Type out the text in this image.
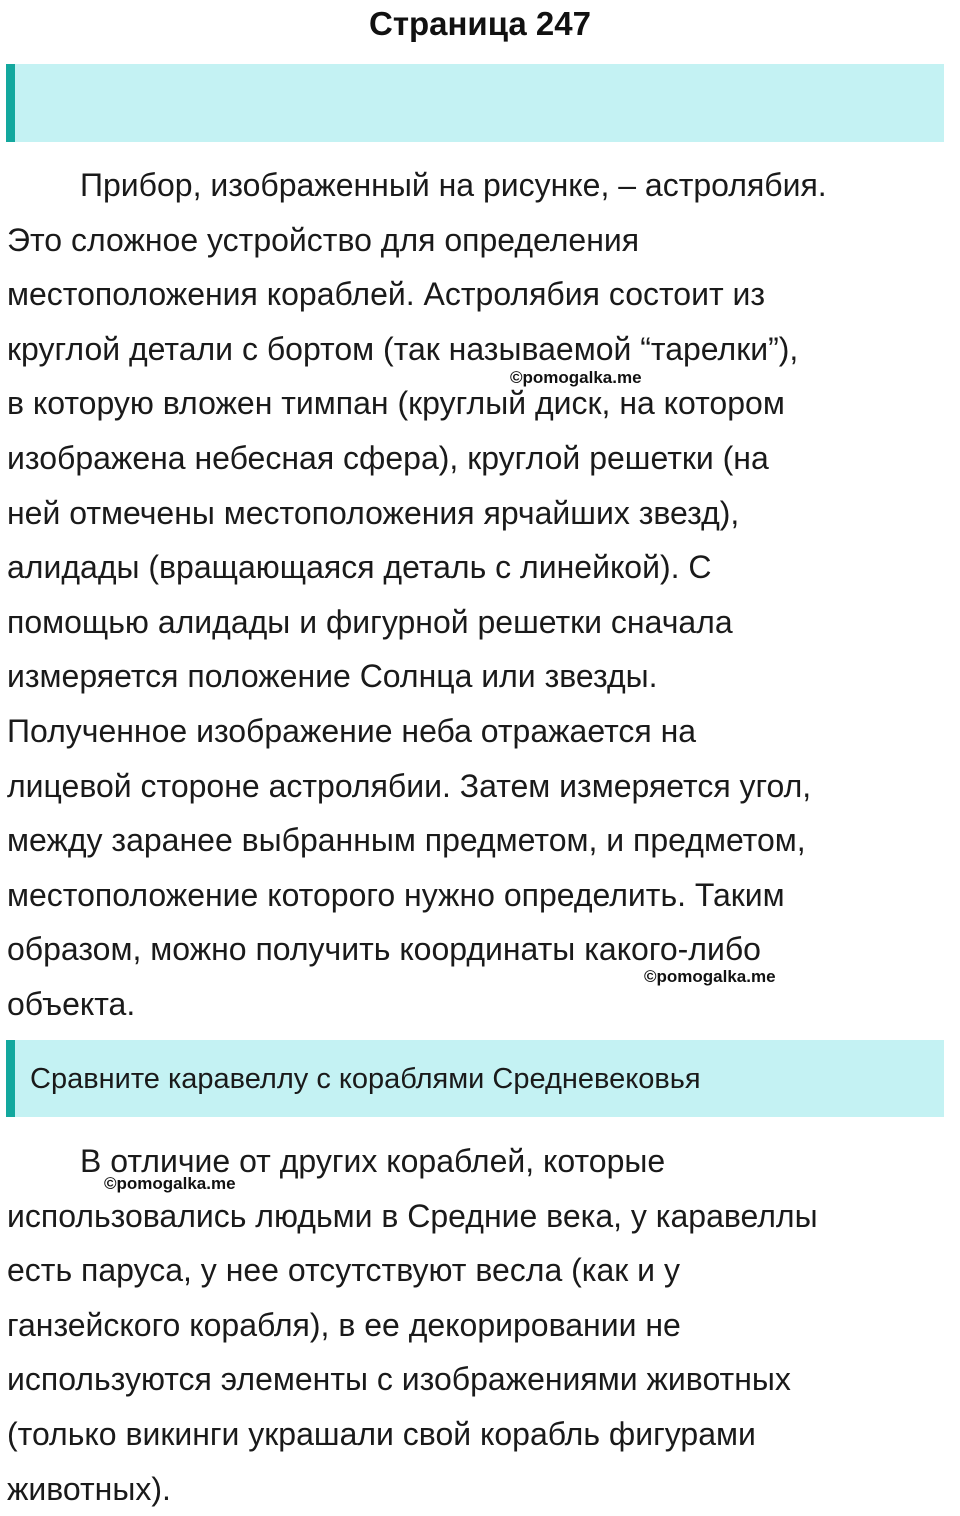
Страница 247
Прибор, изображенный на рисунке, – астролябия.
Это сложное устройство для определения
местоположения кораблей. Астролябия состоит из
круглой детали с бортом (так называемой “тарелки”),
в которую вложен тимпан (круглый диск, на котором
изображена небесная сфера), круглой решетки (на
ней отмечены местоположения ярчайших звезд),
алидады (вращающаяся деталь с линейкой). С
помощью алидады и фигурной решетки сначала
измеряется положение Солнца или звезды.
Полученное изображение неба отражается на
лицевой стороне астролябии. Затем измеряется угол,
между заранее выбранным предметом, и предметом,
местоположение которого нужно определить. Таким
образом, можно получить координаты какого-либо
объекта.
Сравните каравеллу с кораблями Средневековья
В отличие от других кораблей, которые
использовались людьми в Средние века, у каравеллы
есть паруса, у нее отсутствуют весла (как и у
ганзейского корабля), в ее декорировании не
используются элементы с изображениями животных
(только викинги украшали свой корабль фигурами
животных).
©pomogalka.me
©pomogalka.me
©pomogalka.me
